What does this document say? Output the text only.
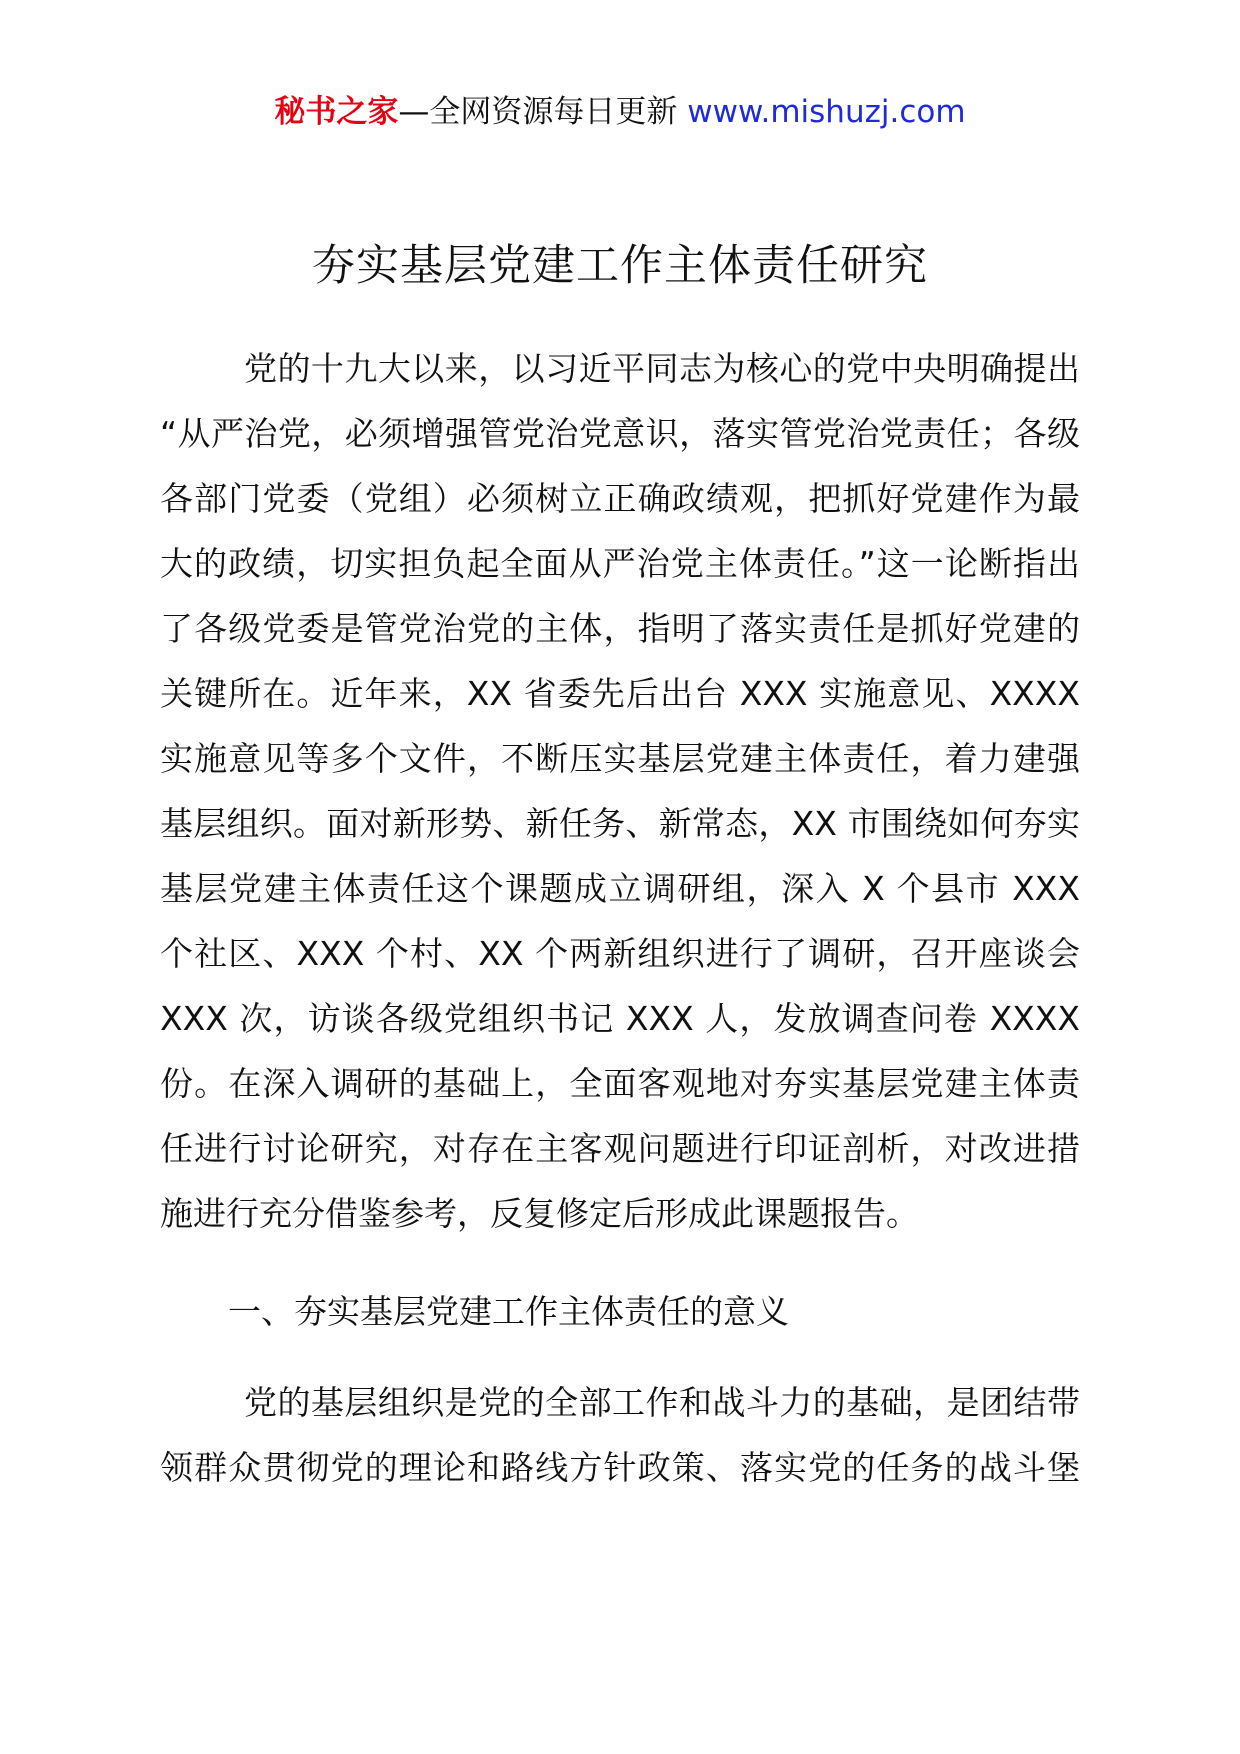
秘书之家—全网资源每日更新 www.mishuzj.com
夯实基层党建工作主体责任研究
党的十九大以来，以习近平同志为核心的党中央明确提出
“从严治党，必须增强管党治党意识，落实管党治党责任；各级
各部门党委（党组）必须树立正确政绩观，把抓好党建作为最
大的政绩，切实担负起全面从严治党主体责任。”这一论断指出
了各级党委是管党治党的主体，指明了落实责任是抓好党建的
关键所在。近年来，XX 省委先后出台 XXX 实施意见、XXXX
实施意见等多个文件，不断压实基层党建主体责任，着力建强
基层组织。面对新形势、新任务、新常态，XX 市围绕如何夯实
基层党建主体责任这个课题成立调研组，深入 X 个县市 XXX
个社区、XXX 个村、XX 个两新组织进行了调研，召开座谈会
XXX 次，访谈各级党组织书记 XXX 人，发放调查问卷 XXXX
份。在深入调研的基础上，全面客观地对夯实基层党建主体责
任进行讨论研究，对存在主客观问题进行印证剖析，对改进措
施进行充分借鉴参考，反复修定后形成此课题报告。
一、夯实基层党建工作主体责任的意义
党的基层组织是党的全部工作和战斗力的基础，是团结带
领群众贯彻党的理论和路线方针政策、落实党的任务的战斗堡
